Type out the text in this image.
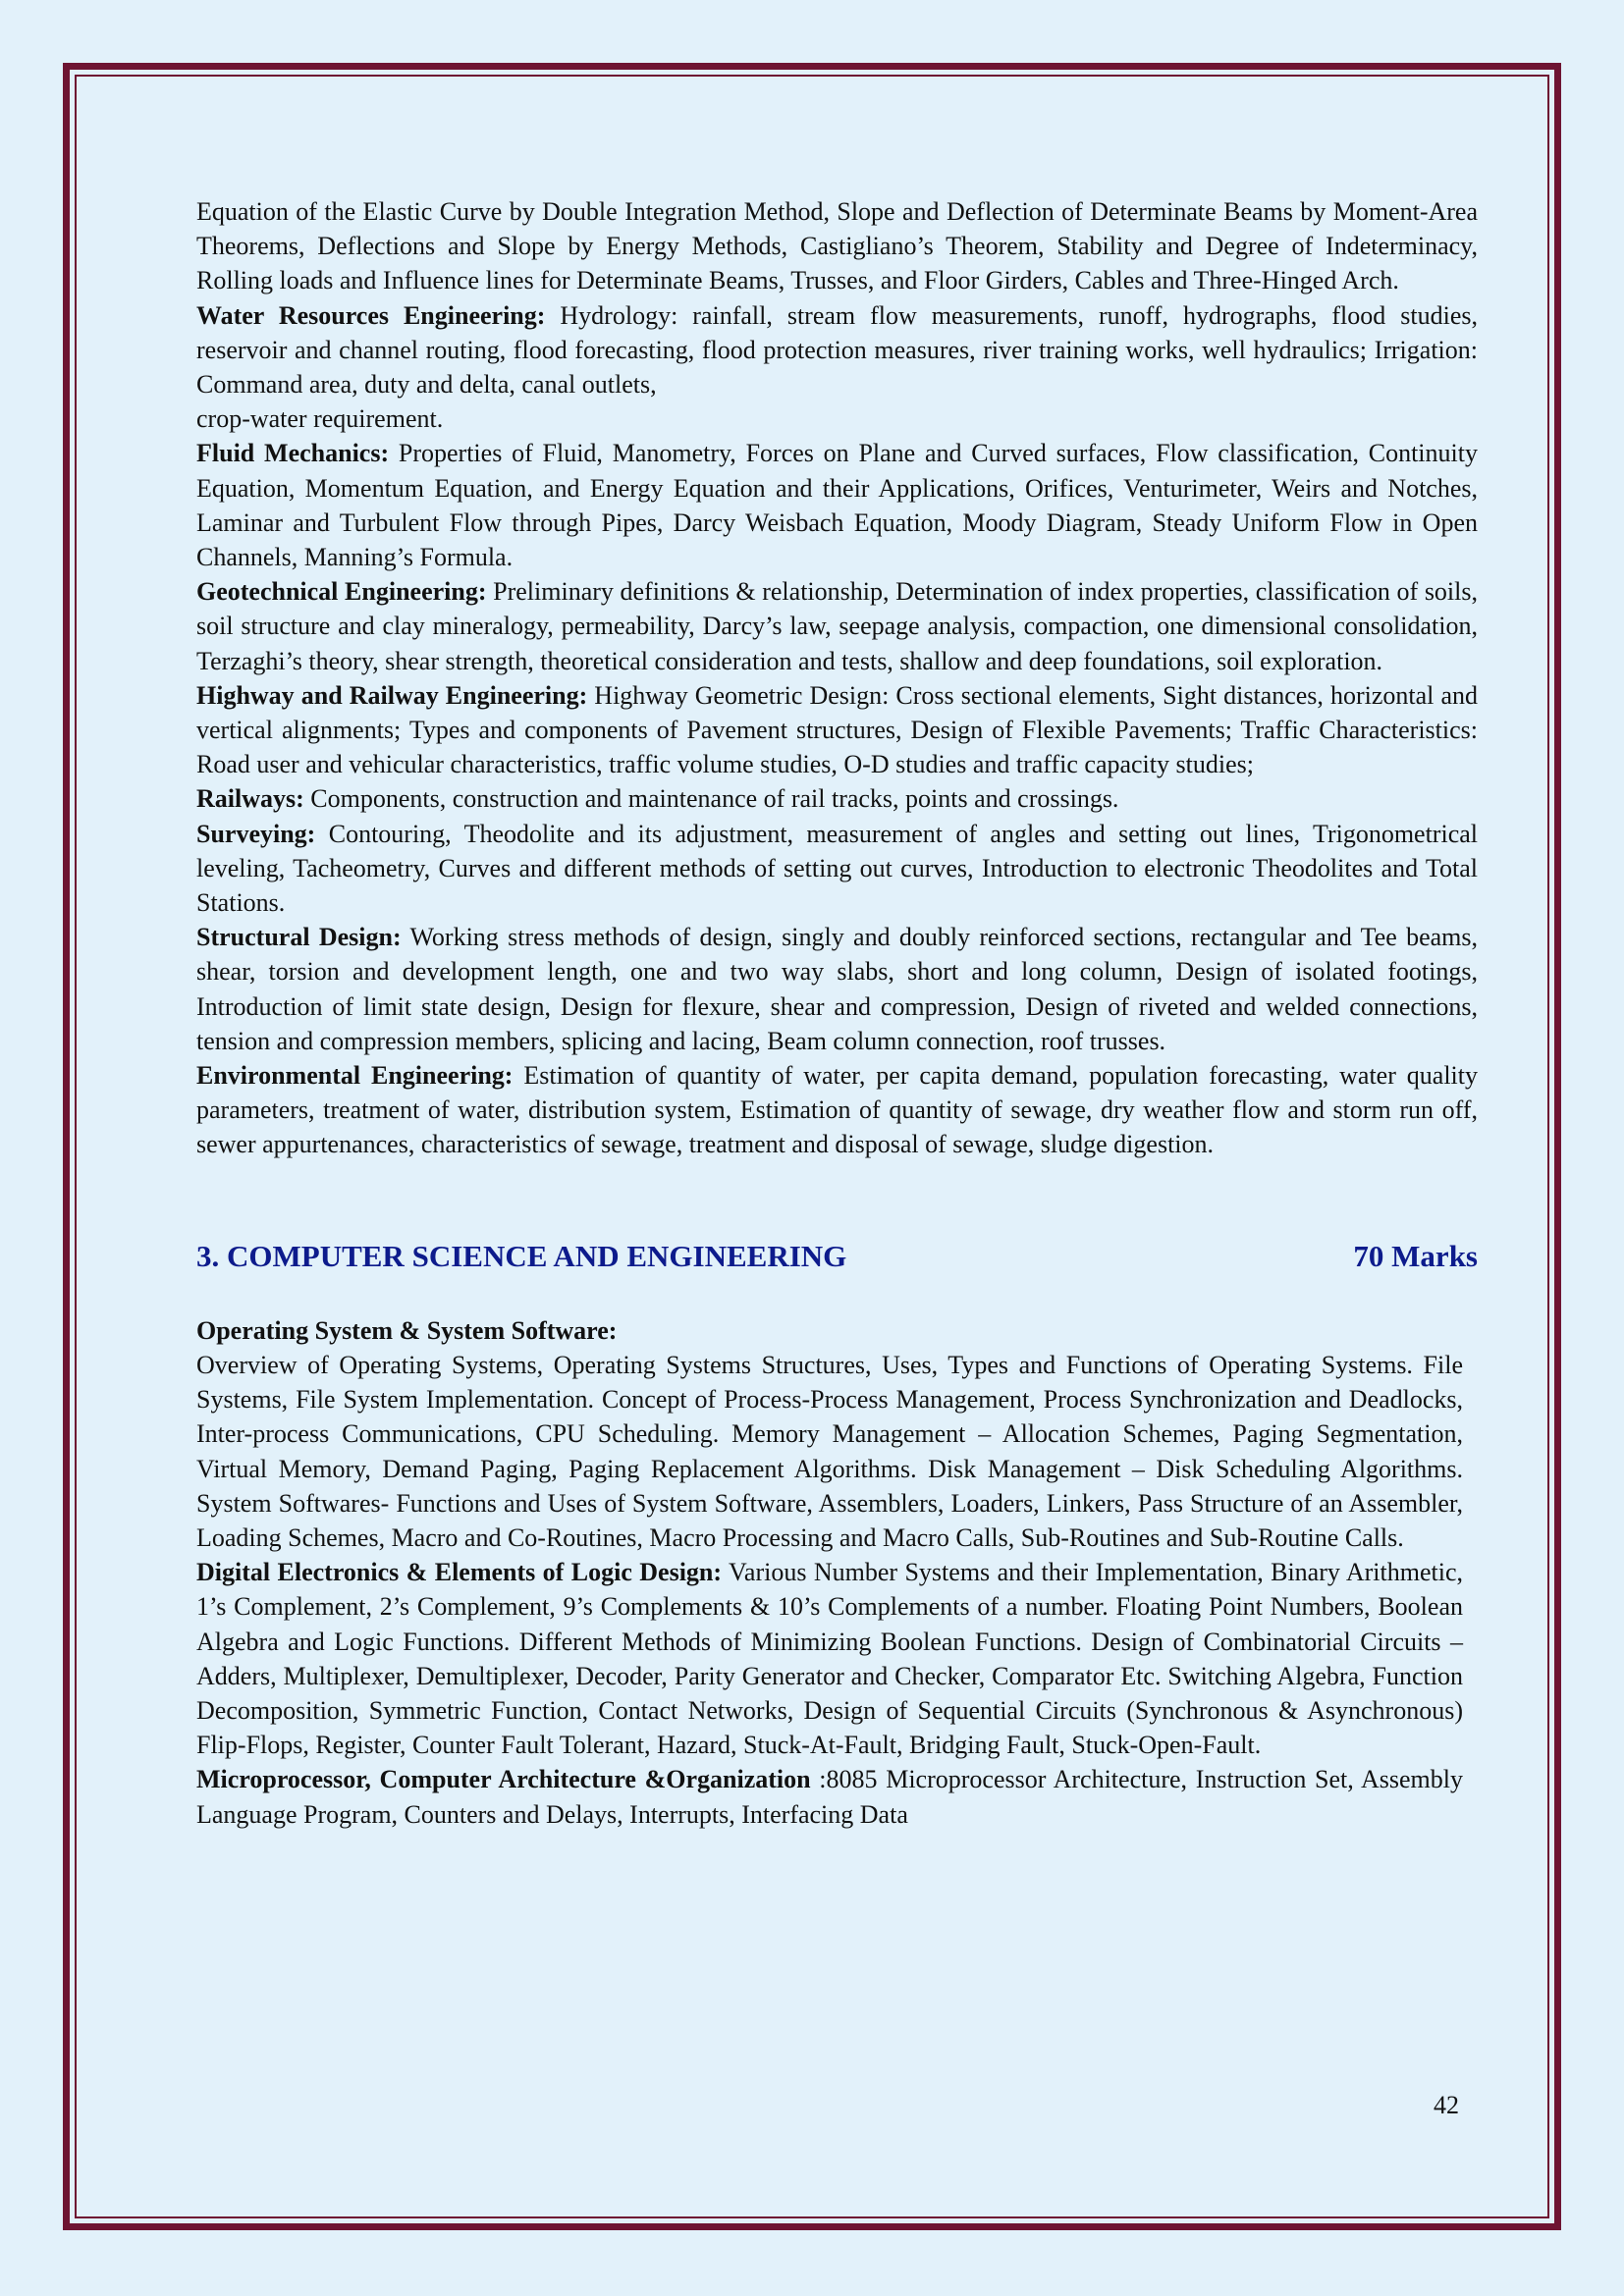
Equation of the Elastic Curve by Double Integration Method, Slope and Deflection of Determinate Beams by Moment-Area Theorems, Deflections and Slope by Energy Methods, Castigliano’s Theorem, Stability and Degree of Indeterminacy, Rolling loads and Influence lines for Determinate Beams, Trusses, and Floor Girders, Cables and Three-Hinged Arch.

Water Resources Engineering: Hydrology: rainfall, stream flow measurements, runoff, hydrographs, flood studies, reservoir and channel routing, flood forecasting, flood protection measures, river training works, well hydraulics; Irrigation: Command area, duty and delta, canal outlets,

crop-water requirement.

Fluid Mechanics: Properties of Fluid, Manometry, Forces on Plane and Curved surfaces, Flow classification, Continuity Equation, Momentum Equation, and Energy Equation and their Applications, Orifices, Venturimeter, Weirs and Notches, Laminar and Turbulent Flow through Pipes, Darcy Weisbach Equation, Moody Diagram, Steady Uniform Flow in Open Channels, Manning’s Formula.

Geotechnical Engineering: Preliminary definitions & relationship, Determination of index properties, classification of soils, soil structure and clay mineralogy, permeability, Darcy’s law, seepage analysis, compaction, one dimensional consolidation, Terzaghi’s theory, shear strength, theoretical consideration and tests, shallow and deep foundations, soil exploration.

Highway and Railway Engineering: Highway Geometric Design: Cross sectional elements, Sight distances, horizontal and vertical alignments; Types and components of Pavement structures, Design of Flexible Pavements; Traffic Characteristics: Road user and vehicular characteristics, traffic volume studies, O-D studies and traffic capacity studies;

Railways: Components, construction and maintenance of rail tracks, points and crossings.

Surveying: Contouring, Theodolite and its adjustment, measurement of angles and setting out lines, Trigonometrical leveling, Tacheometry, Curves and different methods of setting out curves, Introduction to electronic Theodolites and Total Stations.

Structural Design: Working stress methods of design, singly and doubly reinforced sections, rectangular and Tee beams, shear, torsion and development length, one and two way slabs, short and long column, Design of isolated footings, Introduction of limit state design, Design for flexure, shear and compression, Design of riveted and welded connections, tension and compression members, splicing and lacing, Beam column connection, roof trusses.

Environmental Engineering: Estimation of quantity of water, per capita demand, population forecasting, water quality parameters, treatment of water, distribution system, Estimation of quantity of sewage, dry weather flow and storm run off, sewer appurtenances, characteristics of sewage, treatment and disposal of sewage, sludge digestion.

3. COMPUTER SCIENCE AND ENGINEERING	70 Marks

Operating System & System Software:

Overview of Operating Systems, Operating Systems Structures, Uses, Types and Functions of Operating Systems. File Systems, File System Implementation. Concept of Process-Process Management, Process Synchronization and Deadlocks, Inter-process Communications, CPU Scheduling. Memory Management – Allocation Schemes, Paging Segmentation, Virtual Memory, Demand Paging, Paging Replacement Algorithms. Disk Management – Disk Scheduling Algorithms. System Softwares- Functions and Uses of System Software, Assemblers, Loaders, Linkers, Pass Structure of an Assembler, Loading Schemes, Macro and Co-Routines, Macro Processing and Macro Calls, Sub-Routines and Sub-Routine Calls.

Digital Electronics & Elements of Logic Design: Various Number Systems and their Implementation, Binary Arithmetic, 1’s Complement, 2’s Complement, 9’s Complements & 10’s Complements of a number. Floating Point Numbers, Boolean Algebra and Logic Functions. Different Methods of Minimizing Boolean Functions. Design of Combinatorial Circuits – Adders, Multiplexer, Demultiplexer, Decoder, Parity Generator and Checker, Comparator Etc. Switching Algebra, Function Decomposition, Symmetric Function, Contact Networks, Design of Sequential Circuits (Synchronous & Asynchronous) Flip-Flops, Register, Counter Fault Tolerant, Hazard, Stuck-At-Fault, Bridging Fault, Stuck-Open-Fault.

Microprocessor, Computer Architecture &Organization :8085 Microprocessor Architecture, Instruction Set, Assembly Language Program, Counters and Delays, Interrupts, Interfacing Data

42
